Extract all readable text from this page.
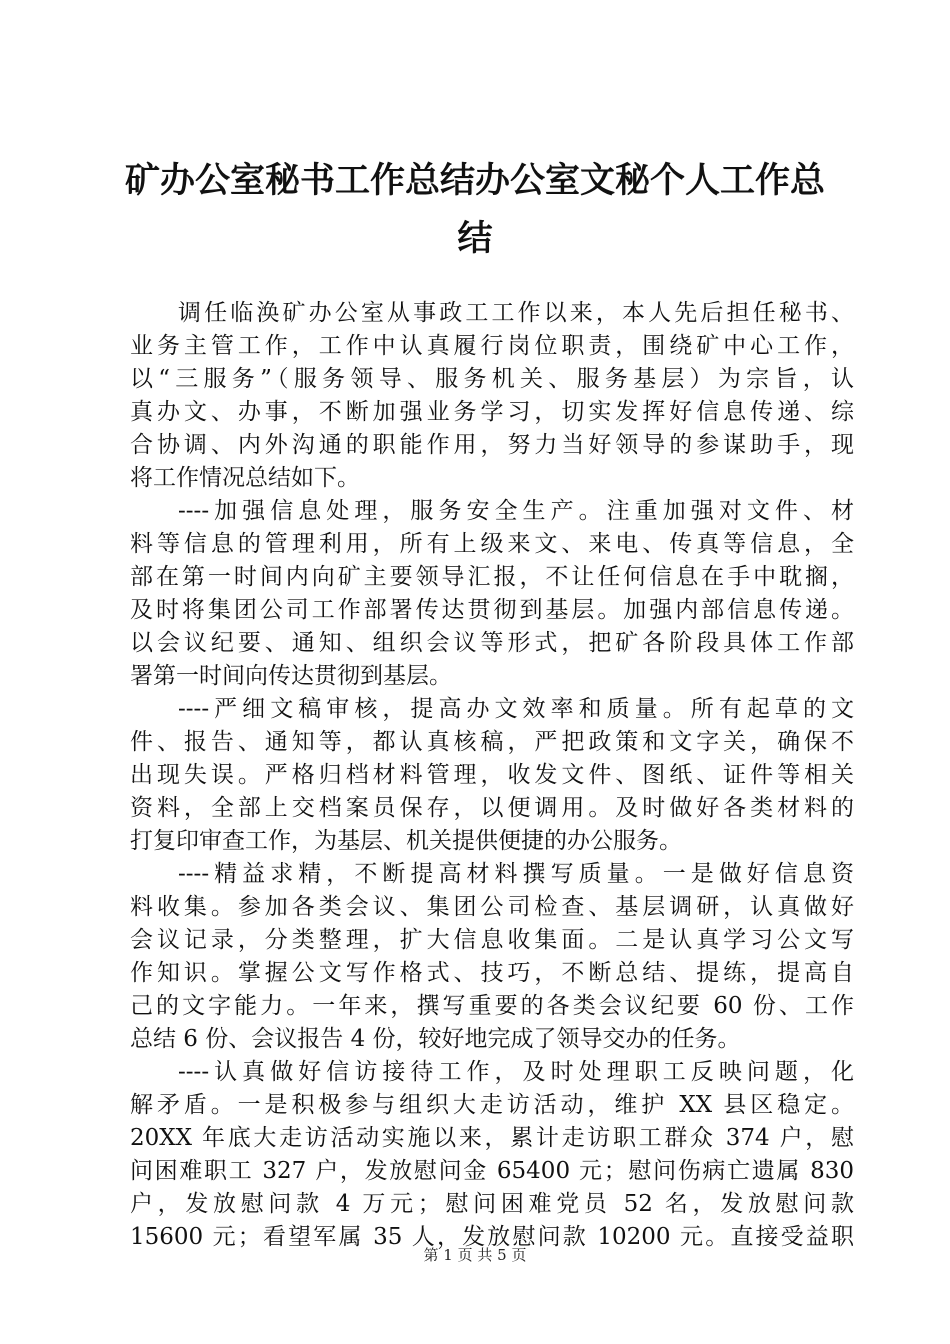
矿办公室秘书工作总结办公室文秘个人工作总
结
调任临涣矿办公室从事政工工作以来，本人先后担任秘书、
业务主管工作，工作中认真履行岗位职责，围绕矿中心工作，
以“三服务”（服务领导、服务机关、服务基层）为宗旨，认
真办文、办事，不断加强业务学习，切实发挥好信息传递、综
合协调、内外沟通的职能作用，努力当好领导的参谋助手，现
将工作情况总结如下。
----加强信息处理，服务安全生产。注重加强对文件、材
料等信息的管理利用，所有上级来文、来电、传真等信息，全
部在第一时间内向矿主要领导汇报，不让任何信息在手中耽搁，
及时将集团公司工作部署传达贯彻到基层。加强内部信息传递。
以会议纪要、通知、组织会议等形式，把矿各阶段具体工作部
署第一时间向传达贯彻到基层。
----严细文稿审核，提高办文效率和质量。所有起草的文
件、报告、通知等，都认真核稿，严把政策和文字关，确保不
出现失误。严格归档材料管理，收发文件、图纸、证件等相关
资料，全部上交档案员保存，以便调用。及时做好各类材料的
打复印审查工作，为基层、机关提供便捷的办公服务。
----精益求精，不断提高材料撰写质量。一是做好信息资
料收集。参加各类会议、集团公司检查、基层调研，认真做好
会议记录，分类整理，扩大信息收集面。二是认真学习公文写
作知识。掌握公文写作格式、技巧，不断总结、提练，提高自
己的文字能力。一年来，撰写重要的各类会议纪要 60 份、工作
总结 6 份、会议报告 4 份，较好地完成了领导交办的任务。
----认真做好信访接待工作，及时处理职工反映问题，化
解矛盾。一是积极参与组织大走访活动，维护 XX 县区稳定。
20XX 年底大走访活动实施以来，累计走访职工群众 374 户，慰
问困难职工 327 户，发放慰问金 65400 元；慰问伤病亡遗属 830
户，发放慰问款 4 万元；慰问困难党员 52 名，发放慰问款
15600 元；看望军属 35 人，发放慰问款 10200 元。直接受益职
第 1 页 共 5 页
